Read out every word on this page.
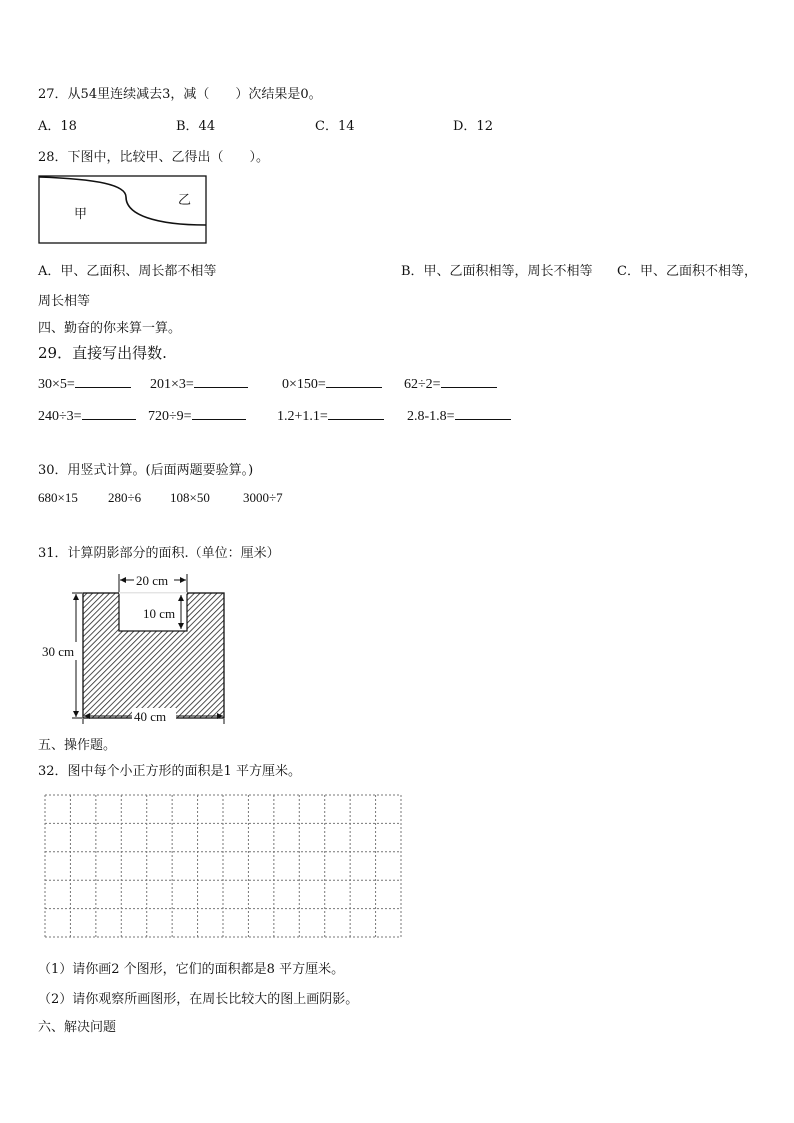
27．从54里连续减去3，减（　　）次结果是0。
A．18	B．44	C．14	D．12
28．下图中，比较甲、乙得出（　　）。
甲
乙
A．甲、乙面积、周长都不相等	B．甲、乙面积相等，周长不相等 C．甲、乙面积不相等，
周长相等
四、勤奋的你来算一算。
29．直接写出得数.
30×5=	201×3=	0×150=	62÷2=
240÷3=	720÷9=	1.2+1.1=	2.8-1.8=
30．用竖式计算。(后面两题要验算。)
680×15 280÷6 108×50	3000÷7
31．计算阴影部分的面积.（单位：厘米）
20 cm
10 cm
30 cm
40 cm
五、操作题。
32．图中每个小正方形的面积是1 平方厘米。
（1）请你画2 个图形，它们的面积都是8 平方厘米。
（2）请你观察所画图形，在周长比较大的图上画阴影。
六、解决问题
